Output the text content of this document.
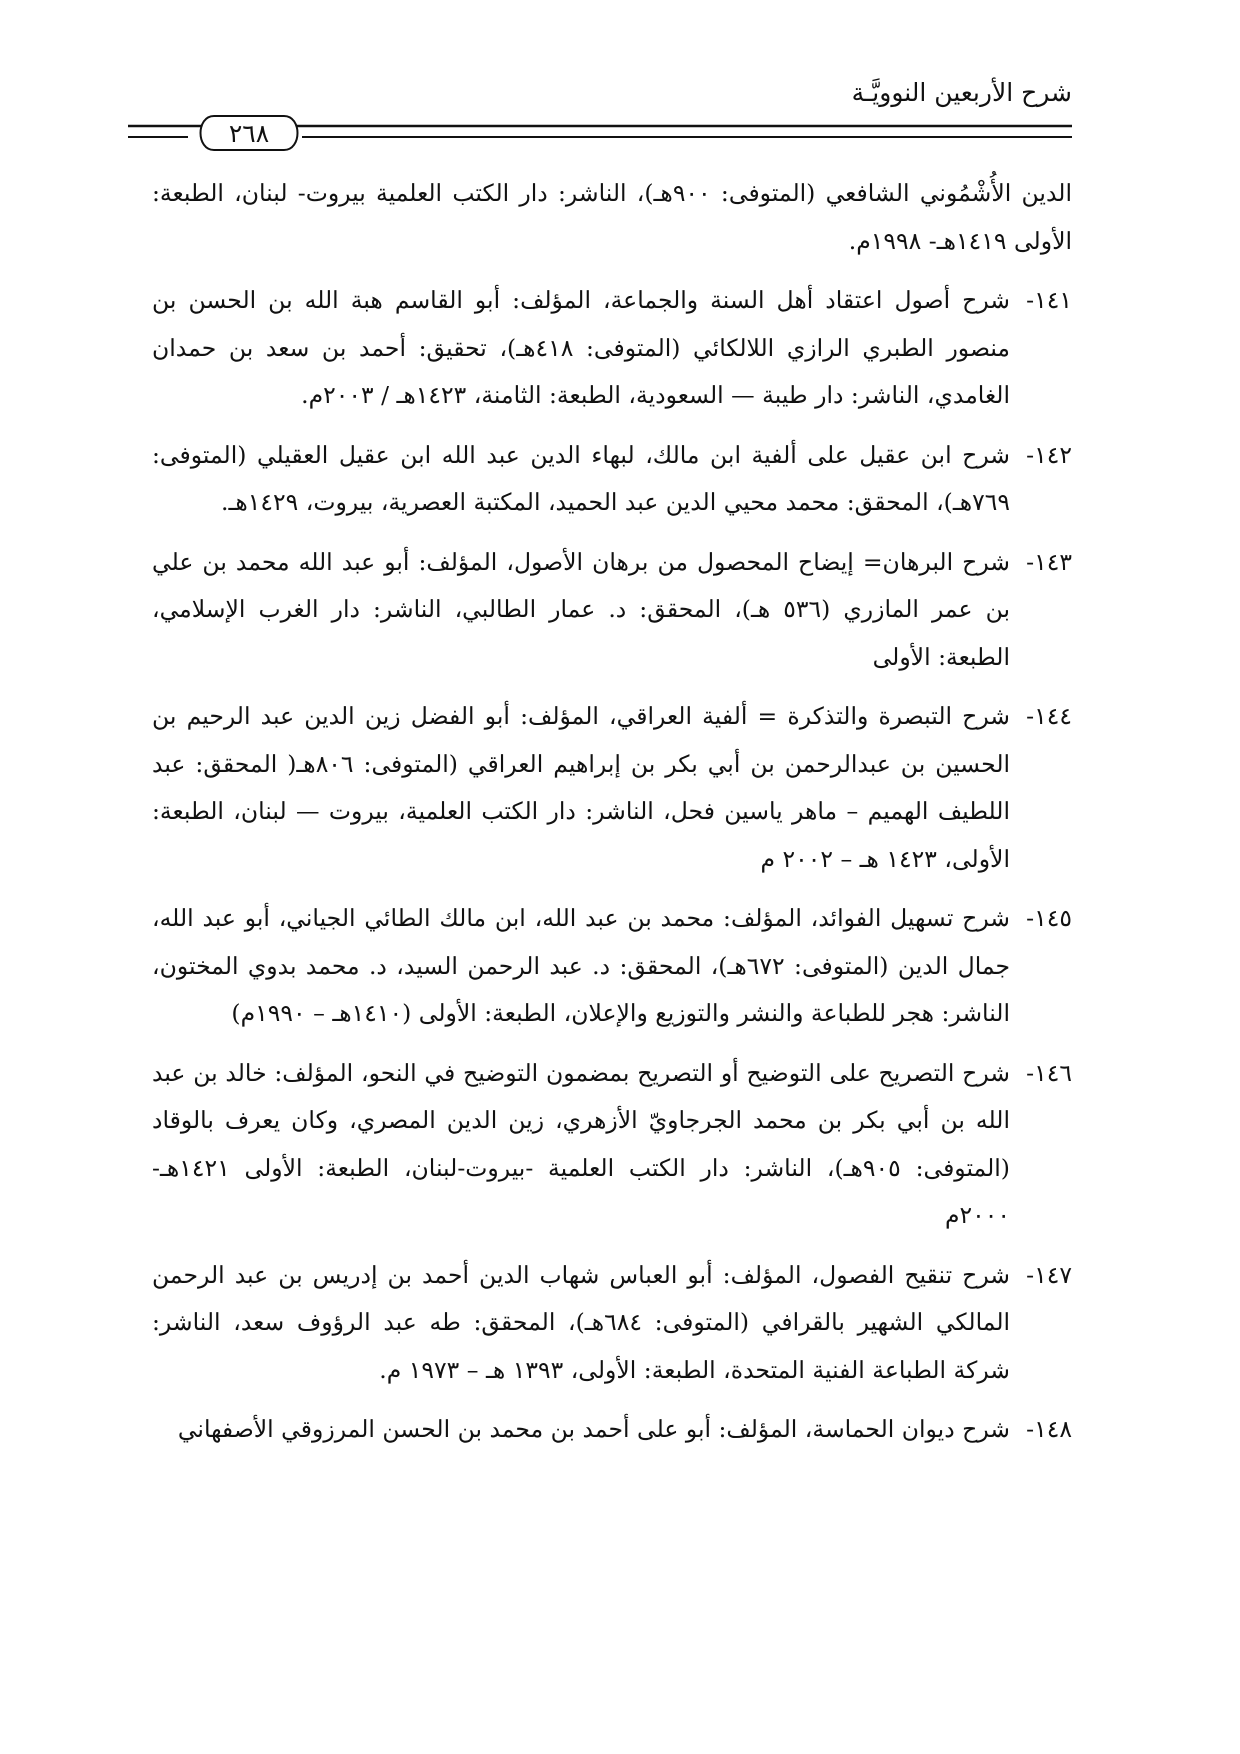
شرح الأربعين النوويَّـة
٢٦٨

الدين الأُشْمُوني الشافعي (المتوفى: ٩٠٠هـ)، الناشر: دار الكتب العلمية بيروت- لبنان، الطبعة: الأولى ١٤١٩هـ- ١٩٩٨م.

١٤١-
شرح أصول اعتقاد أهل السنة والجماعة، المؤلف: أبو القاسم هبة الله بن الحسن بن منصور الطبري الرازي اللالكائي (المتوفى: ٤١٨هـ)، تحقيق: أحمد بن سعد بن حمدان الغامدي، الناشر: دار طيبة — السعودية، الطبعة: الثامنة، ١٤٢٣هـ / ٢٠٠٣م.
١٤٢-
شرح ابن عقيل على ألفية ابن مالك، لبهاء الدين عبد الله ابن عقيل العقيلي (المتوفى: ٧٦٩هـ)، المحقق: محمد محيي الدين عبد الحميد، المكتبة العصرية، بيروت، ١٤٢٩هـ.
١٤٣-
شرح البرهان= إيضاح المحصول من برهان الأصول، المؤلف: أبو عبد الله محمد بن علي بن عمر المازري (٥٣٦ هـ)، المحقق: د. عمار الطالبي، الناشر: دار الغرب الإسلامي، الطبعة: الأولى
١٤٤-
شرح التبصرة والتذكرة = ألفية العراقي، المؤلف: أبو الفضل زين الدين عبد الرحيم بن الحسين بن عبدالرحمن بن أبي بكر بن إبراهيم العراقي (المتوفى: ٨٠٦هـ( المحقق: عبد اللطيف الهميم – ماهر ياسين فحل، الناشر: دار الكتب العلمية، بيروت — لبنان، الطبعة: الأولى، ١٤٢٣ هـ – ٢٠٠٢ م
١٤٥-
شرح تسهيل الفوائد، المؤلف: محمد بن عبد الله، ابن مالك الطائي الجياني، أبو عبد الله، جمال الدين (المتوفى: ٦٧٢هـ)، المحقق: د. عبد الرحمن السيد، د. محمد بدوي المختون، الناشر: هجر للطباعة والنشر والتوزيع والإعلان، الطبعة: الأولى (١٤١٠هـ – ١٩٩٠م)
١٤٦-
شرح التصريح على التوضيح أو التصريح بمضمون التوضيح في النحو، المؤلف: خالد بن عبد الله بن أبي بكر بن محمد الجرجاويّ الأزهري، زين الدين المصري، وكان يعرف بالوقاد (المتوفى: ٩٠٥هـ)، الناشر: دار الكتب العلمية -بيروت-لبنان، الطبعة: الأولى ١٤٢١هـ- ٢٠٠٠م
١٤٧-
شرح تنقيح الفصول، المؤلف: أبو العباس شهاب الدين أحمد بن إدريس بن عبد الرحمن المالكي الشهير بالقرافي (المتوفى: ٦٨٤هـ)، المحقق: طه عبد الرؤوف سعد، الناشر: شركة الطباعة الفنية المتحدة، الطبعة: الأولى، ١٣٩٣ هـ – ١٩٧٣ م.
١٤٨-
شرح ديوان الحماسة، المؤلف: أبو على أحمد بن محمد بن الحسن المرزوقي الأصفهاني
